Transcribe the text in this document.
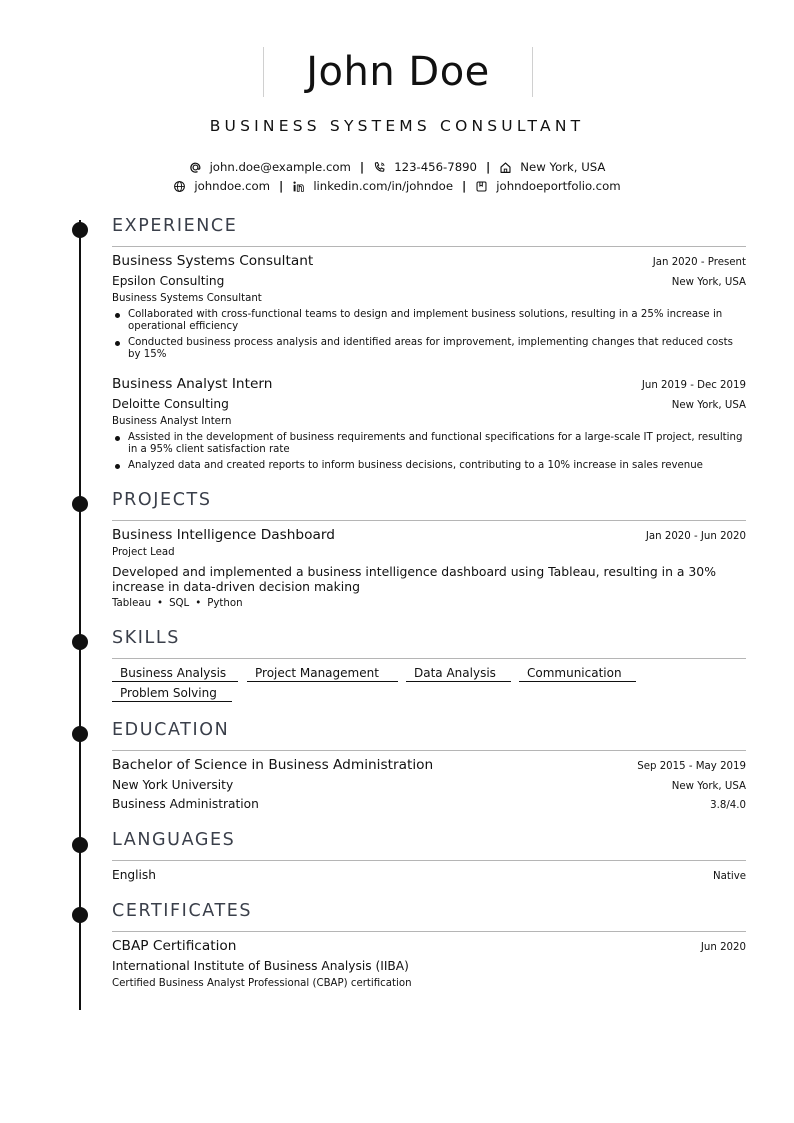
John Doe
BUSINESS SYSTEMS CONSULTANT
john.doe@example.com |	123-456-7890 |	New York, USA
johndoe.com |	linkedin.com/in/johndoe |	johndoeportfolio.com
EXPERIENCE
Business Systems Consultant	Jan 2020 - Present
Epsilon Consulting	New York, USA
Business Systems Consultant
Collaborated with cross-functional teams to design and implement business solutions, resulting in a 25% increase in operational efficiency
Conducted business process analysis and identified areas for improvement, implementing changes that reduced costs by 15%
Business Analyst Intern	Jun 2019 - Dec 2019
Deloitte Consulting	New York, USA
Business Analyst Intern
Assisted in the development of business requirements and functional specifications for a large-scale IT project, resulting in a 95% client satisfaction rate
Analyzed data and created reports to inform business decisions, contributing to a 10% increase in sales revenue
PROJECTS
Business Intelligence Dashboard	Jan 2020 - Jun 2020
Project Lead
Developed and implemented a business intelligence dashboard using Tableau, resulting in a 30% increase in data-driven decision making
Tableau • SQL • Python
SKILLS
Business Analysis	Project Management	Data Analysis	Communication
Problem Solving
EDUCATION
Bachelor of Science in Business Administration	Sep 2015 - May 2019
New York University	New York, USA
Business Administration	3.8/4.0
LANGUAGES
English	Native
CERTIFICATES
CBAP Certification	Jun 2020
International Institute of Business Analysis (IIBA)
Certified Business Analyst Professional (CBAP) certification
